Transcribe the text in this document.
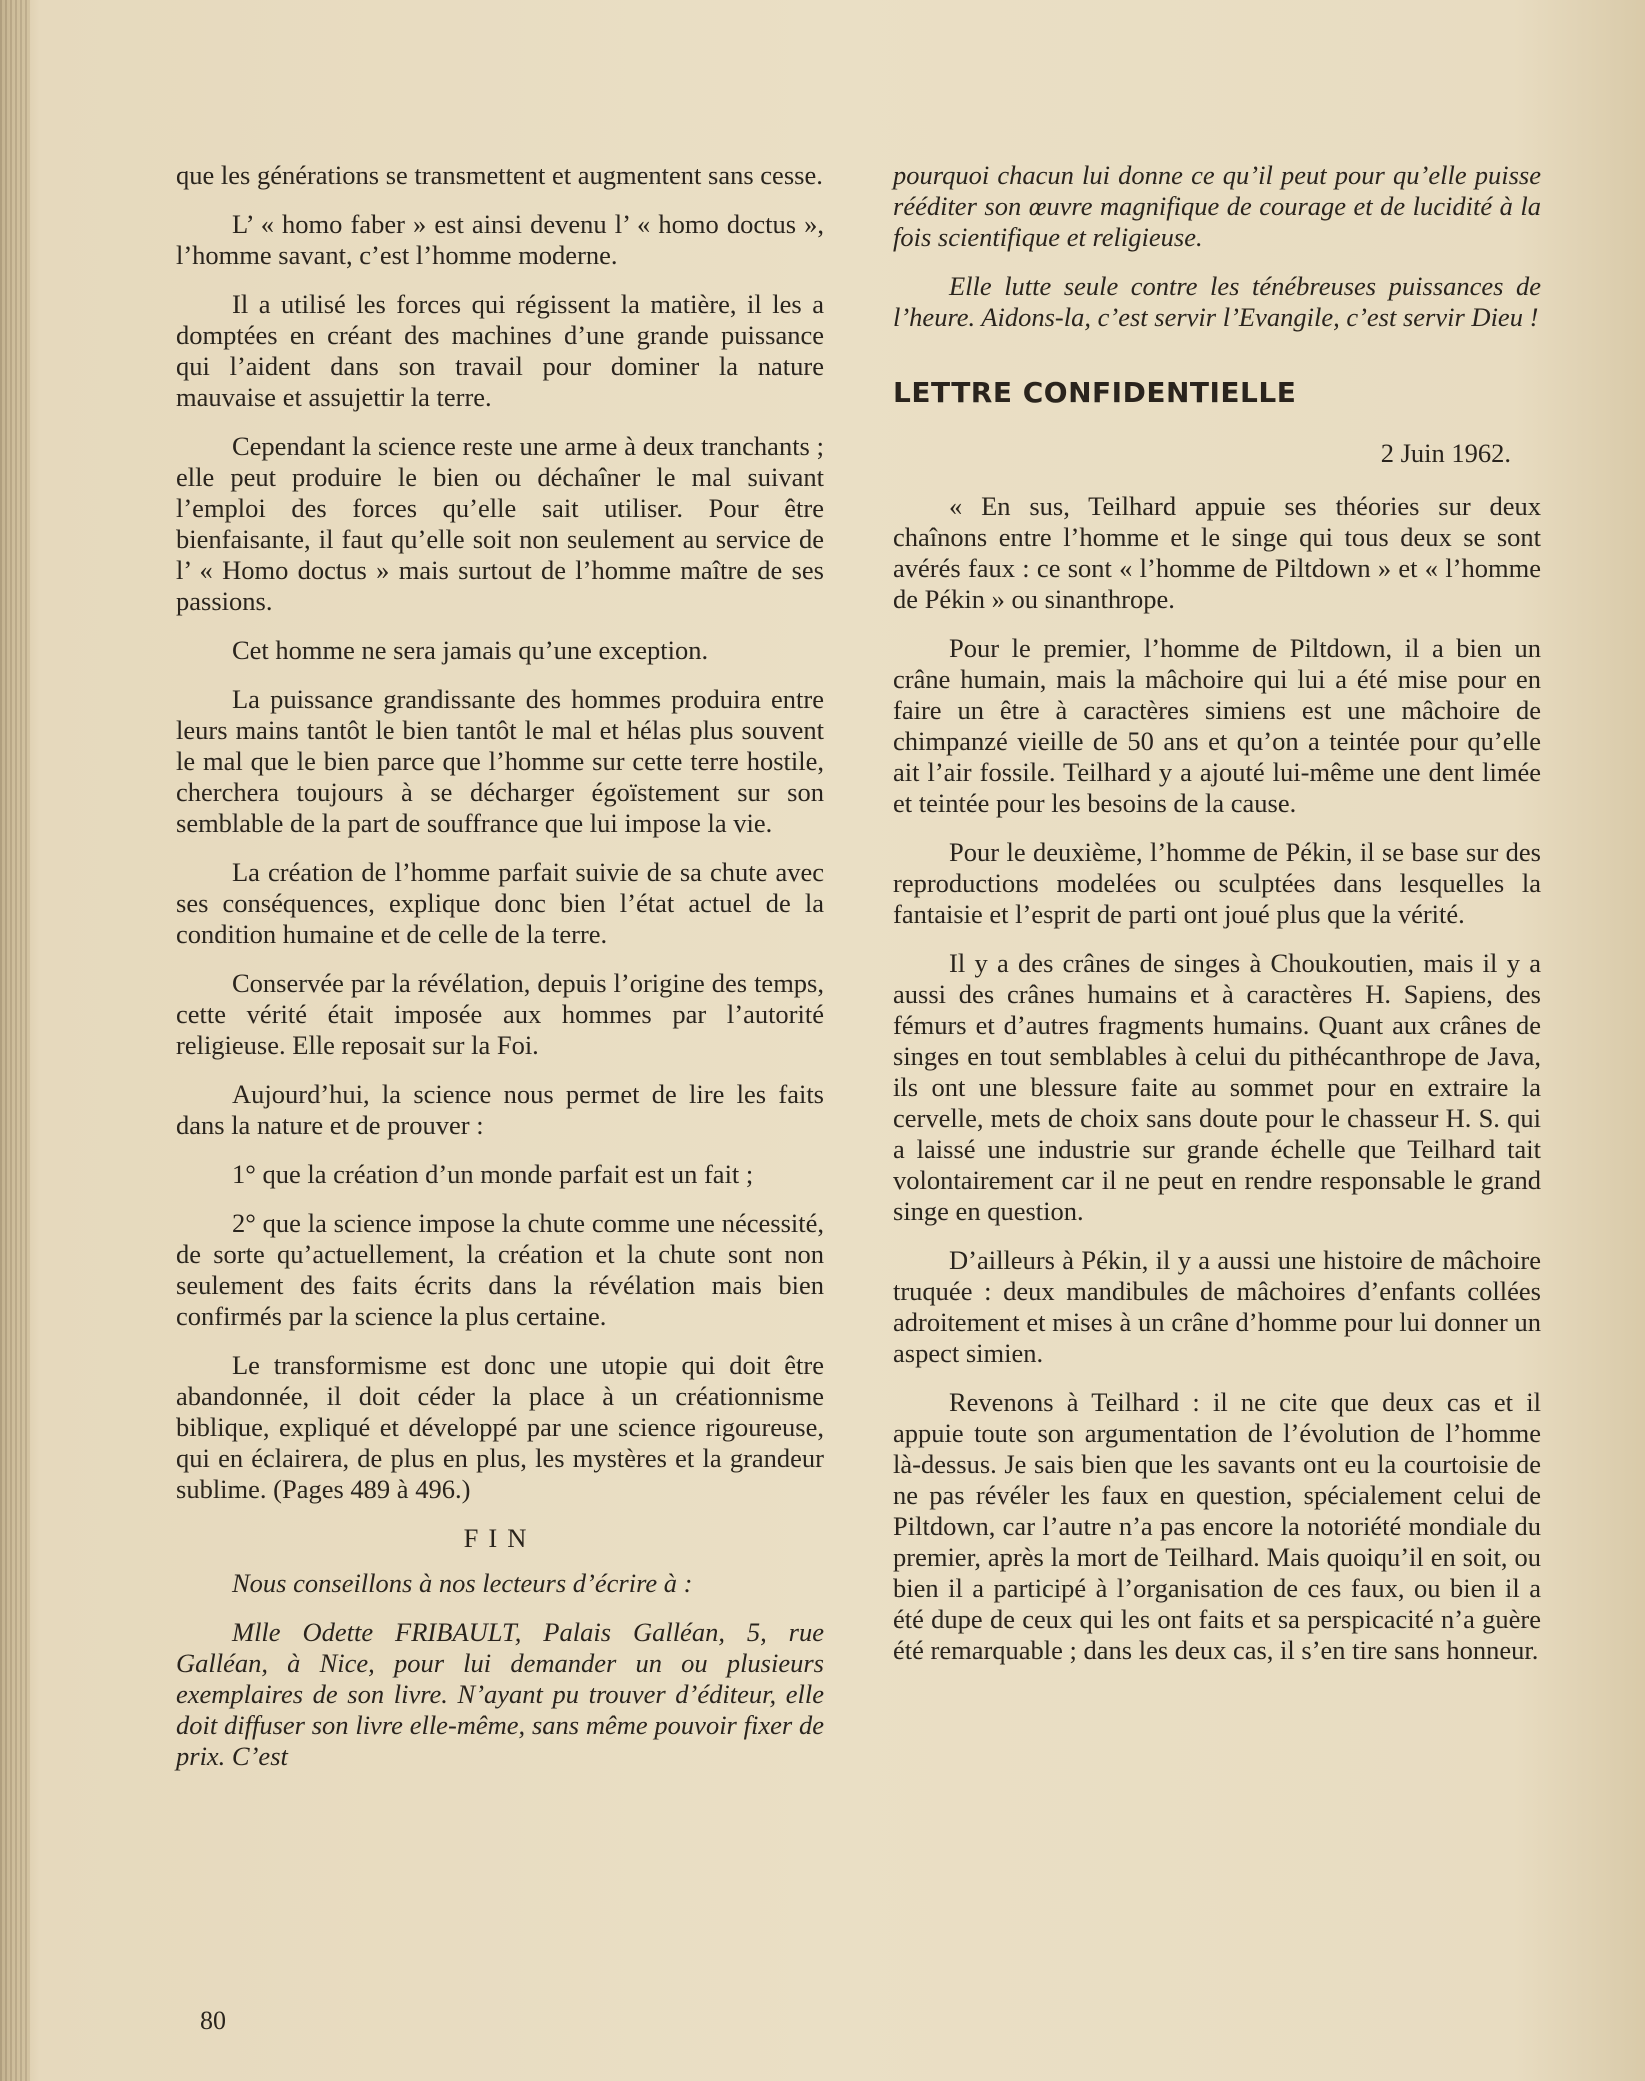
que les générations se transmettent et augmentent sans cesse.

L’ « homo faber » est ainsi devenu l’ « homo doctus », l’homme savant, c’est l’homme moderne.

Il a utilisé les forces qui régissent la matière, il les a domptées en créant des machines d’une grande puissance qui l’aident dans son travail pour dominer la nature mauvaise et assujettir la terre.

Cependant la science reste une arme à deux tranchants ; elle peut produire le bien ou déchaîner le mal suivant l’emploi des forces qu’elle sait utiliser. Pour être bienfaisante, il faut qu’elle soit non seulement au service de l’ « Homo doctus » mais surtout de l’homme maître de ses passions.

Cet homme ne sera jamais qu’une exception.

La puissance grandissante des hommes produira entre leurs mains tantôt le bien tantôt le mal et hélas plus souvent le mal que le bien parce que l’homme sur cette terre hostile, cherchera toujours à se décharger égoïstement sur son semblable de la part de souffrance que lui impose la vie.

La création de l’homme parfait suivie de sa chute avec ses conséquences, explique donc bien l’état actuel de la condition humaine et de celle de la terre.

Conservée par la révélation, depuis l’origine des temps, cette vérité était imposée aux hommes par l’autorité religieuse. Elle reposait sur la Foi.

Aujourd’hui, la science nous permet de lire les faits dans la nature et de prouver :

1° que la création d’un monde parfait est un fait ;

2° que la science impose la chute comme une nécessité, de sorte qu’actuellement, la création et la chute sont non seulement des faits écrits dans la révélation mais bien confirmés par la science la plus certaine.

Le transformisme est donc une utopie qui doit être abandonnée, il doit céder la place à un créationnisme biblique, expliqué et développé par une science rigoureuse, qui en éclairera, de plus en plus, les mystères et la grandeur sublime. (Pages 489 à 496.)

FIN

Nous conseillons à nos lecteurs d’écrire à :

Mlle Odette FRIBAULT, Palais Galléan, 5, rue Galléan, à Nice, pour lui demander un ou plusieurs exemplaires de son livre. N’ayant pu trouver d’éditeur, elle doit diffuser son livre elle-même, sans même pouvoir fixer de prix. C’est

pourquoi chacun lui donne ce qu’il peut pour qu’elle puisse rééditer son œuvre magnifique de courage et de lucidité à la fois scientifique et religieuse.

Elle lutte seule contre les ténébreuses puissances de l’heure. Aidons-la, c’est servir l’Evangile, c’est servir Dieu !

LETTRE CONFIDENTIELLE

2 Juin 1962.

« En sus, Teilhard appuie ses théories sur deux chaînons entre l’homme et le singe qui tous deux se sont avérés faux : ce sont « l’homme de Piltdown » et « l’homme de Pékin » ou sinanthrope.

Pour le premier, l’homme de Piltdown, il a bien un crâne humain, mais la mâchoire qui lui a été mise pour en faire un être à caractères simiens est une mâchoire de chimpanzé vieille de 50 ans et qu’on a teintée pour qu’elle ait l’air fossile. Teilhard y a ajouté lui-même une dent limée et teintée pour les besoins de la cause.

Pour le deuxième, l’homme de Pékin, il se base sur des reproductions modelées ou sculptées dans lesquelles la fantaisie et l’esprit de parti ont joué plus que la vérité.

Il y a des crânes de singes à Choukoutien, mais il y a aussi des crânes humains et à caractères H. Sapiens, des fémurs et d’autres fragments humains. Quant aux crânes de singes en tout semblables à celui du pithécanthrope de Java, ils ont une blessure faite au sommet pour en extraire la cervelle, mets de choix sans doute pour le chasseur H. S. qui a laissé une industrie sur grande échelle que Teilhard tait volontairement car il ne peut en rendre responsable le grand singe en question.

D’ailleurs à Pékin, il y a aussi une histoire de mâchoire truquée : deux mandibules de mâchoires d’enfants collées adroitement et mises à un crâne d’homme pour lui donner un aspect simien.

Revenons à Teilhard : il ne cite que deux cas et il appuie toute son argumentation de l’évolution de l’homme là-dessus. Je sais bien que les savants ont eu la courtoisie de ne pas révéler les faux en question, spécialement celui de Piltdown, car l’autre n’a pas encore la notoriété mondiale du premier, après la mort de Teilhard. Mais quoiqu’il en soit, ou bien il a participé à l’organisation de ces faux, ou bien il a été dupe de ceux qui les ont faits et sa perspicacité n’a guère été remarquable ; dans les deux cas, il s’en tire sans honneur.

80
